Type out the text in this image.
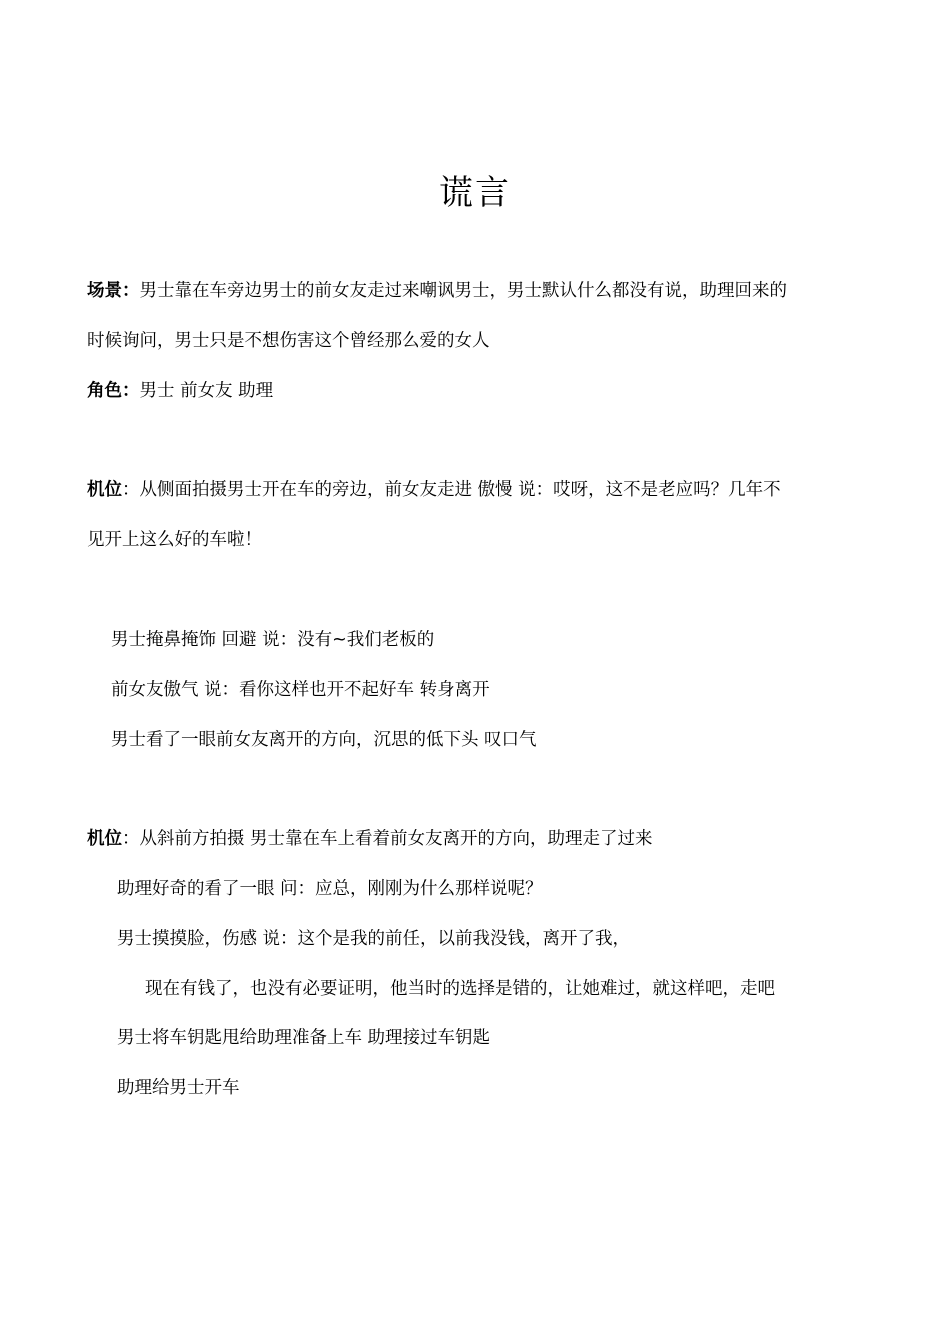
谎言
场景：男士靠在车旁边男士的前女友走过来嘲讽男士，男士默认什么都没有说，助理回来的
时候询问，男士只是不想伤害这个曾经那么爱的女人
角色：男士 前女友 助理
机位：从侧面拍摄男士开在车的旁边，前女友走进 傲慢 说：哎呀，这不是老应吗？几年不
见开上这么好的车啦！
男士掩鼻掩饰 回避 说：没有~我们老板的
前女友傲气 说：看你这样也开不起好车 转身离开
男士看了一眼前女友离开的方向，沉思的低下头 叹口气
机位：从斜前方拍摄 男士靠在车上看着前女友离开的方向，助理走了过来
助理好奇的看了一眼 问：应总，刚刚为什么那样说呢？
男士摸摸脸，伤感 说：这个是我的前任，以前我没钱，离开了我，
现在有钱了，也没有必要证明，他当时的选择是错的，让她难过，就这样吧，走吧
男士将车钥匙甩给助理准备上车 助理接过车钥匙
助理给男士开车
